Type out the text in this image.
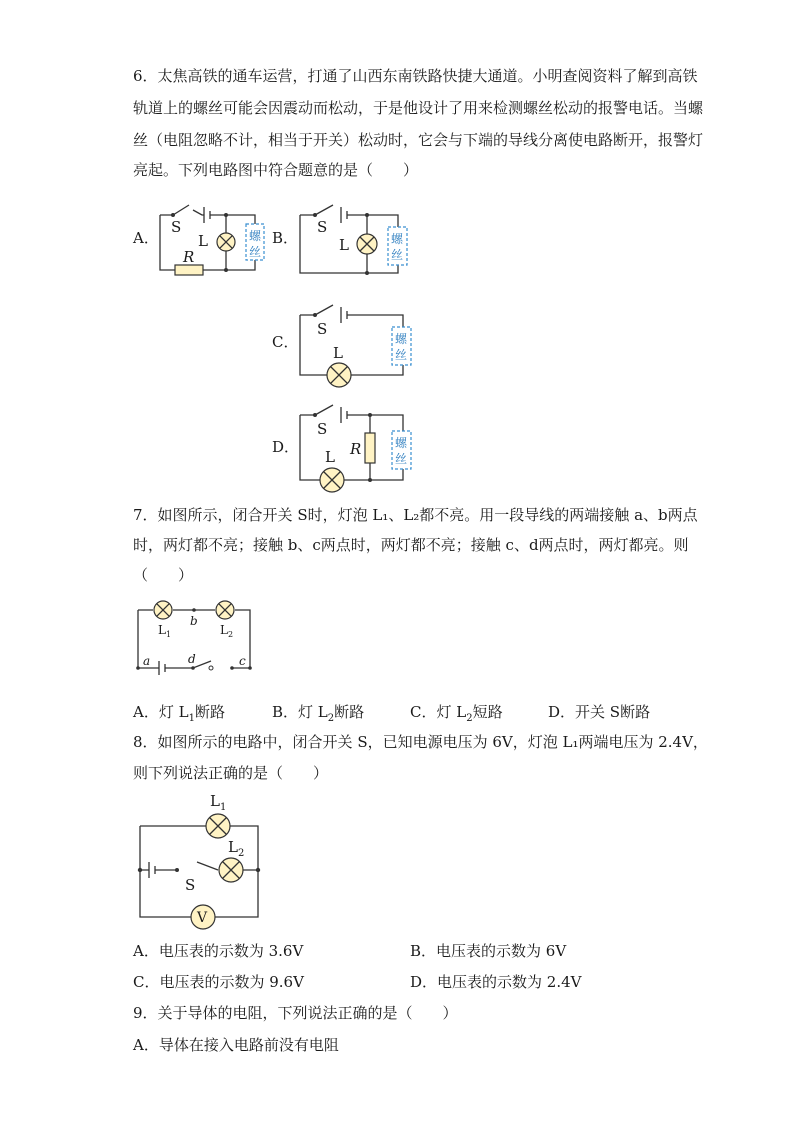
6．太焦高铁的通车运营，打通了山西东南铁路快捷大通道。小明查阅资料了解到高铁
轨道上的螺丝可能会因震动而松动，于是他设计了用来检测螺丝松动的报警电话。当螺
丝（电阻忽略不计，相当于开关）松动时，它会与下端的导线分离使电路断开，报警灯
亮起。下列电路图中符合题意的是（　　）
A．	B．
C．
D．
S
L
R
螺
丝
S
L	螺
丝
S
L
螺
丝
S
L R	螺
丝
7．如图所示，闭合开关 S时，灯泡 L₁、L₂都不亮。用一段导线的两端接触 a、b两点
时，两灯都不亮；接触 b、c两点时，两灯都不亮；接触 c、d两点时，两灯都亮。则
（　　）
$L_1$	$L_2$
b
a	d	c
A．灯 $L_1$断路	B．灯 $L_2$断路	C．灯 $L_2$短路	D．开关 S断路
8．如图所示的电路中，闭合开关 S，已知电源电压为 6V，灯泡 L₁两端电压为 2.4V，
则下列说法正确的是（　　）
$L_1$
$L_2$
S
V
A．电压表的示数为 3.6V	B．电压表的示数为 6V
C．电压表的示数为 9.6V	D．电压表的示数为 2.4V
9．关于导体的电阻，下列说法正确的是（　　）
A．导体在接入电路前没有电阻
